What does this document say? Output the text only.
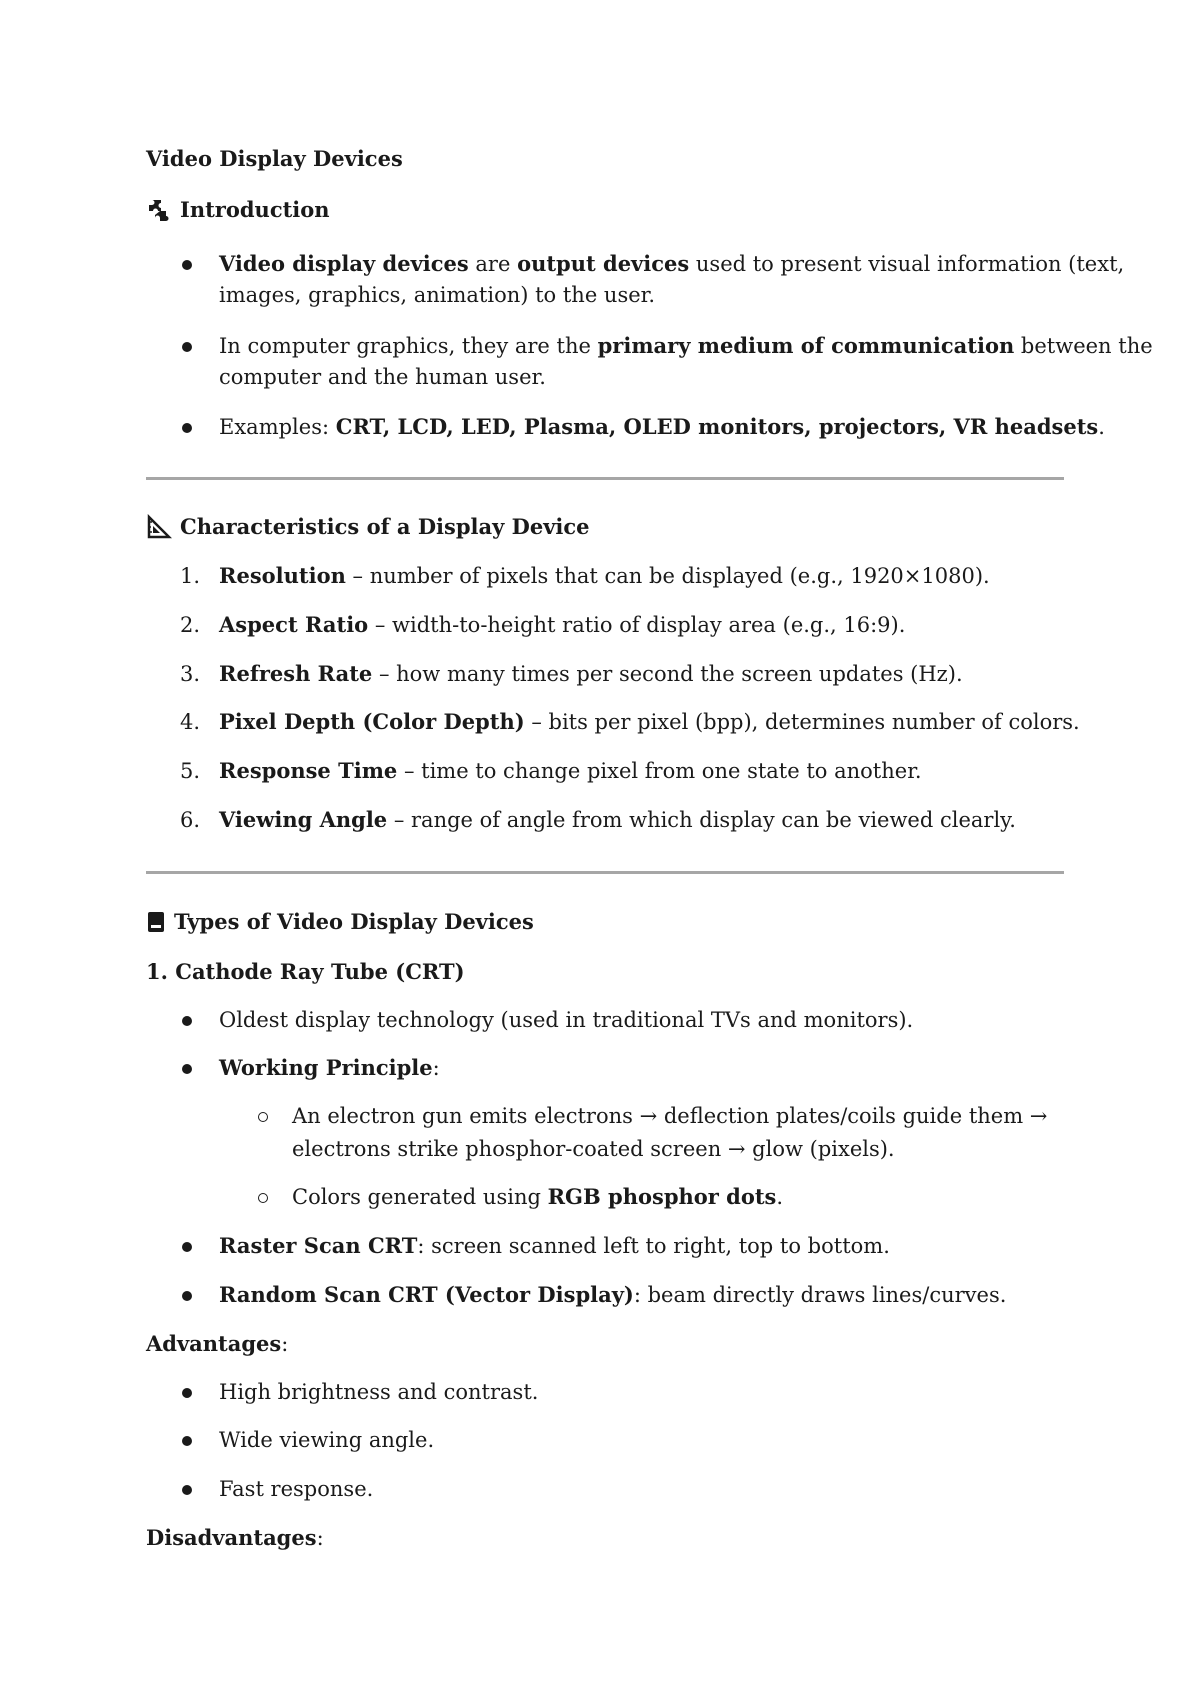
Video Display Devices
Introduction
Video display devices are output devices used to present visual information (text,
images, graphics, animation) to the user.
In computer graphics, they are the primary medium of communication between the
computer and the human user.
Examples: CRT, LCD, LED, Plasma, OLED monitors, projectors, VR headsets.
Characteristics of a Display Device
1. Resolution – number of pixels that can be displayed (e.g., 1920×1080).
2. Aspect Ratio – width-to-height ratio of display area (e.g., 16:9).
3. Refresh Rate – how many times per second the screen updates (Hz).
4. Pixel Depth (Color Depth) – bits per pixel (bpp), determines number of colors.
5. Response Time – time to change pixel from one state to another.
6. Viewing Angle – range of angle from which display can be viewed clearly.
Types of Video Display Devices
1. Cathode Ray Tube (CRT)
Oldest display technology (used in traditional TVs and monitors).
Working Principle:
An electron gun emits electrons → deflection plates/coils guide them →
electrons strike phosphor-coated screen → glow (pixels).
Colors generated using RGB phosphor dots.
Raster Scan CRT: screen scanned left to right, top to bottom.
Random Scan CRT (Vector Display): beam directly draws lines/curves.
Advantages:
High brightness and contrast.
Wide viewing angle.
Fast response.
Disadvantages:
